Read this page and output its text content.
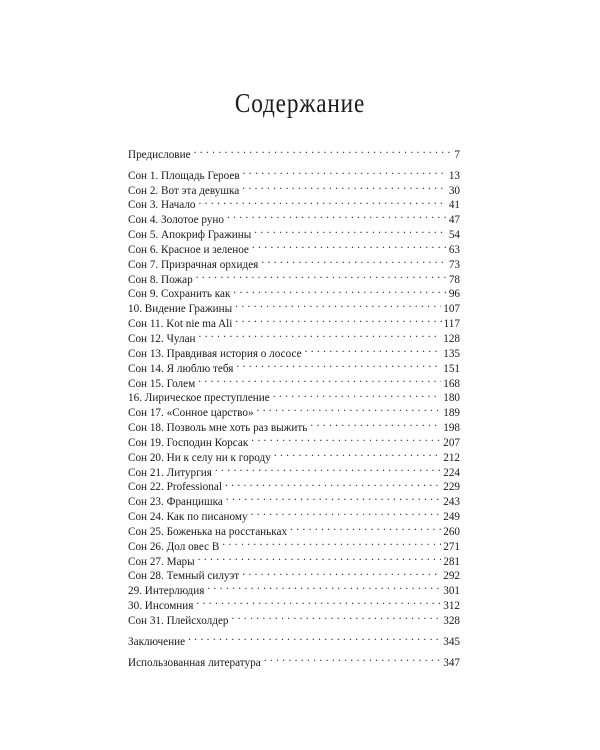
Содержание
Предисловие . . .	7
Сон 1. Площадь Героев . . .	13
Сон 2. Вот эта девушка . . .	30
Сон 3. Начало . . .	41
Сон 4. Золотое руно . . .	47
Сон 5. Апокриф Гражины . . .	54
Сон 6. Красное и зеленое . . .	63
Сон 7. Призрачная орхидея . . .	73
Сон 8. Пожар . . .	78
Сон 9. Сохранить как . . .	96
10. Видение Гражины . . .	107
Сон 11. Kot nie ma Ali . . .	117
Сон 12. Чулан . . .	128
Сон 13. Правдивая история о лососе . . .	135
Сон 14. Я люблю тебя . . .	151
Сон 15. Голем . . .	168
16. Лирическое преступление . . .	180
Сон 17. «Сонное царство» . . .	189
Сон 18. Позволь мне хоть раз выжить . . .	198
Сон 19. Господин Корсак . . .	207
Сон 20. Ни к селу ни к городу . . .	212
Сон 21. Литургия . . .	224
Сон 22. Professional . . .	229
Сон 23. Францишка . . .	243
Сон 24. Как по писаному . . .	249
Сон 25. Боженька на росстаньках . . .	260
Сон 26. Дол овес В . . .	271
Сон 27. Мары . . .	281
Сон 28. Темный силуэт . . .	292
29. Интерлюдия . . .	301
30. Инсомния . . .	312
Сон 31. Плейсхолдер . . .	328
Заключение . . .	345
Использованная литература . . .	347
